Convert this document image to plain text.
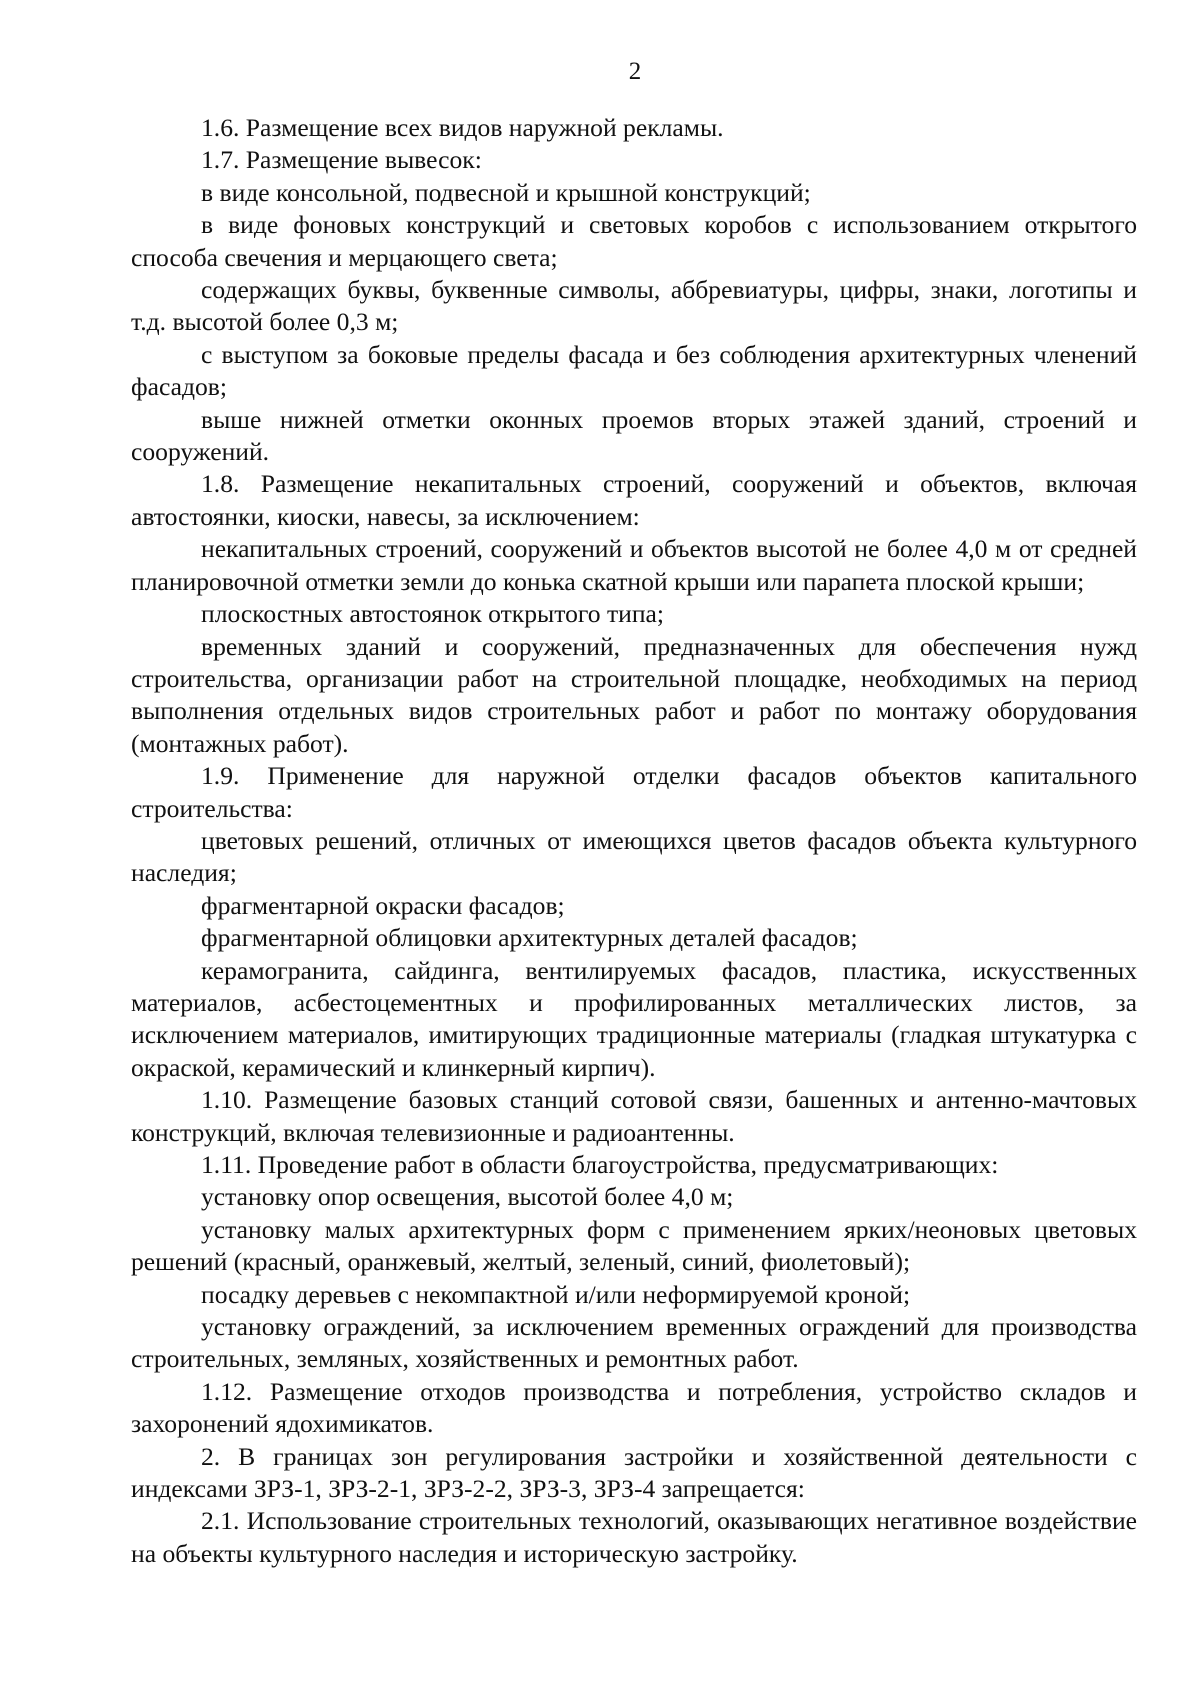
2

1.6. Размещение всех видов наружной рекламы.

1.7. Размещение вывесок:

в виде консольной, подвесной и крышной конструкций;

в виде фоновых конструкций и световых коробов с использованием открытого способа свечения и мерцающего света;

содержащих буквы, буквенные символы, аббревиатуры, цифры, знаки, логотипы и т.д. высотой более 0,3 м;

с выступом за боковые пределы фасада и без соблюдения архитектурных членений фасадов;

выше нижней отметки оконных проемов вторых этажей зданий, строений и сооружений.

1.8. Размещение некапитальных строений, сооружений и объектов, включая автостоянки, киоски, навесы, за исключением:

некапитальных строений, сооружений и объектов высотой не более 4,0 м от средней планировочной отметки земли до конька скатной крыши или парапета плоской крыши;

плоскостных автостоянок открытого типа;

временных зданий и сооружений, предназначенных для обеспечения нужд строительства, организации работ на строительной площадке, необходимых на период выполнения отдельных видов строительных работ и работ по монтажу оборудования (монтажных работ).

1.9. Применение для наружной отделки фасадов объектов капитального строительства:

цветовых решений, отличных от имеющихся цветов фасадов объекта культурного наследия;

фрагментарной окраски фасадов;

фрагментарной облицовки архитектурных деталей фасадов;

керамогранита, сайдинга, вентилируемых фасадов, пластика, искусственных материалов, асбестоцементных и профилированных металлических листов, за исключением материалов, имитирующих традиционные материалы (гладкая штукатурка с окраской, керамический и клинкерный кирпич).

1.10. Размещение базовых станций сотовой связи, башенных и антенно-мачтовых конструкций, включая телевизионные и радиоантенны.

1.11. Проведение работ в области благоустройства, предусматривающих:

установку опор освещения, высотой более 4,0 м;

установку малых архитектурных форм с применением ярких/неоновых цветовых решений (красный, оранжевый, желтый, зеленый, синий, фиолетовый);

посадку деревьев с некомпактной и/или неформируемой кроной;

установку ограждений, за исключением временных ограждений для производства строительных, земляных, хозяйственных и ремонтных работ.

1.12. Размещение отходов производства и потребления, устройство складов и захоронений ядохимикатов.

2. В границах зон регулирования застройки и хозяйственной деятельности с индексами ЗРЗ-1, ЗРЗ-2-1, ЗРЗ-2-2, ЗРЗ-3, ЗРЗ-4 запрещается:

2.1. Использование строительных технологий, оказывающих негативное воздействие на объекты культурного наследия и историческую застройку.
